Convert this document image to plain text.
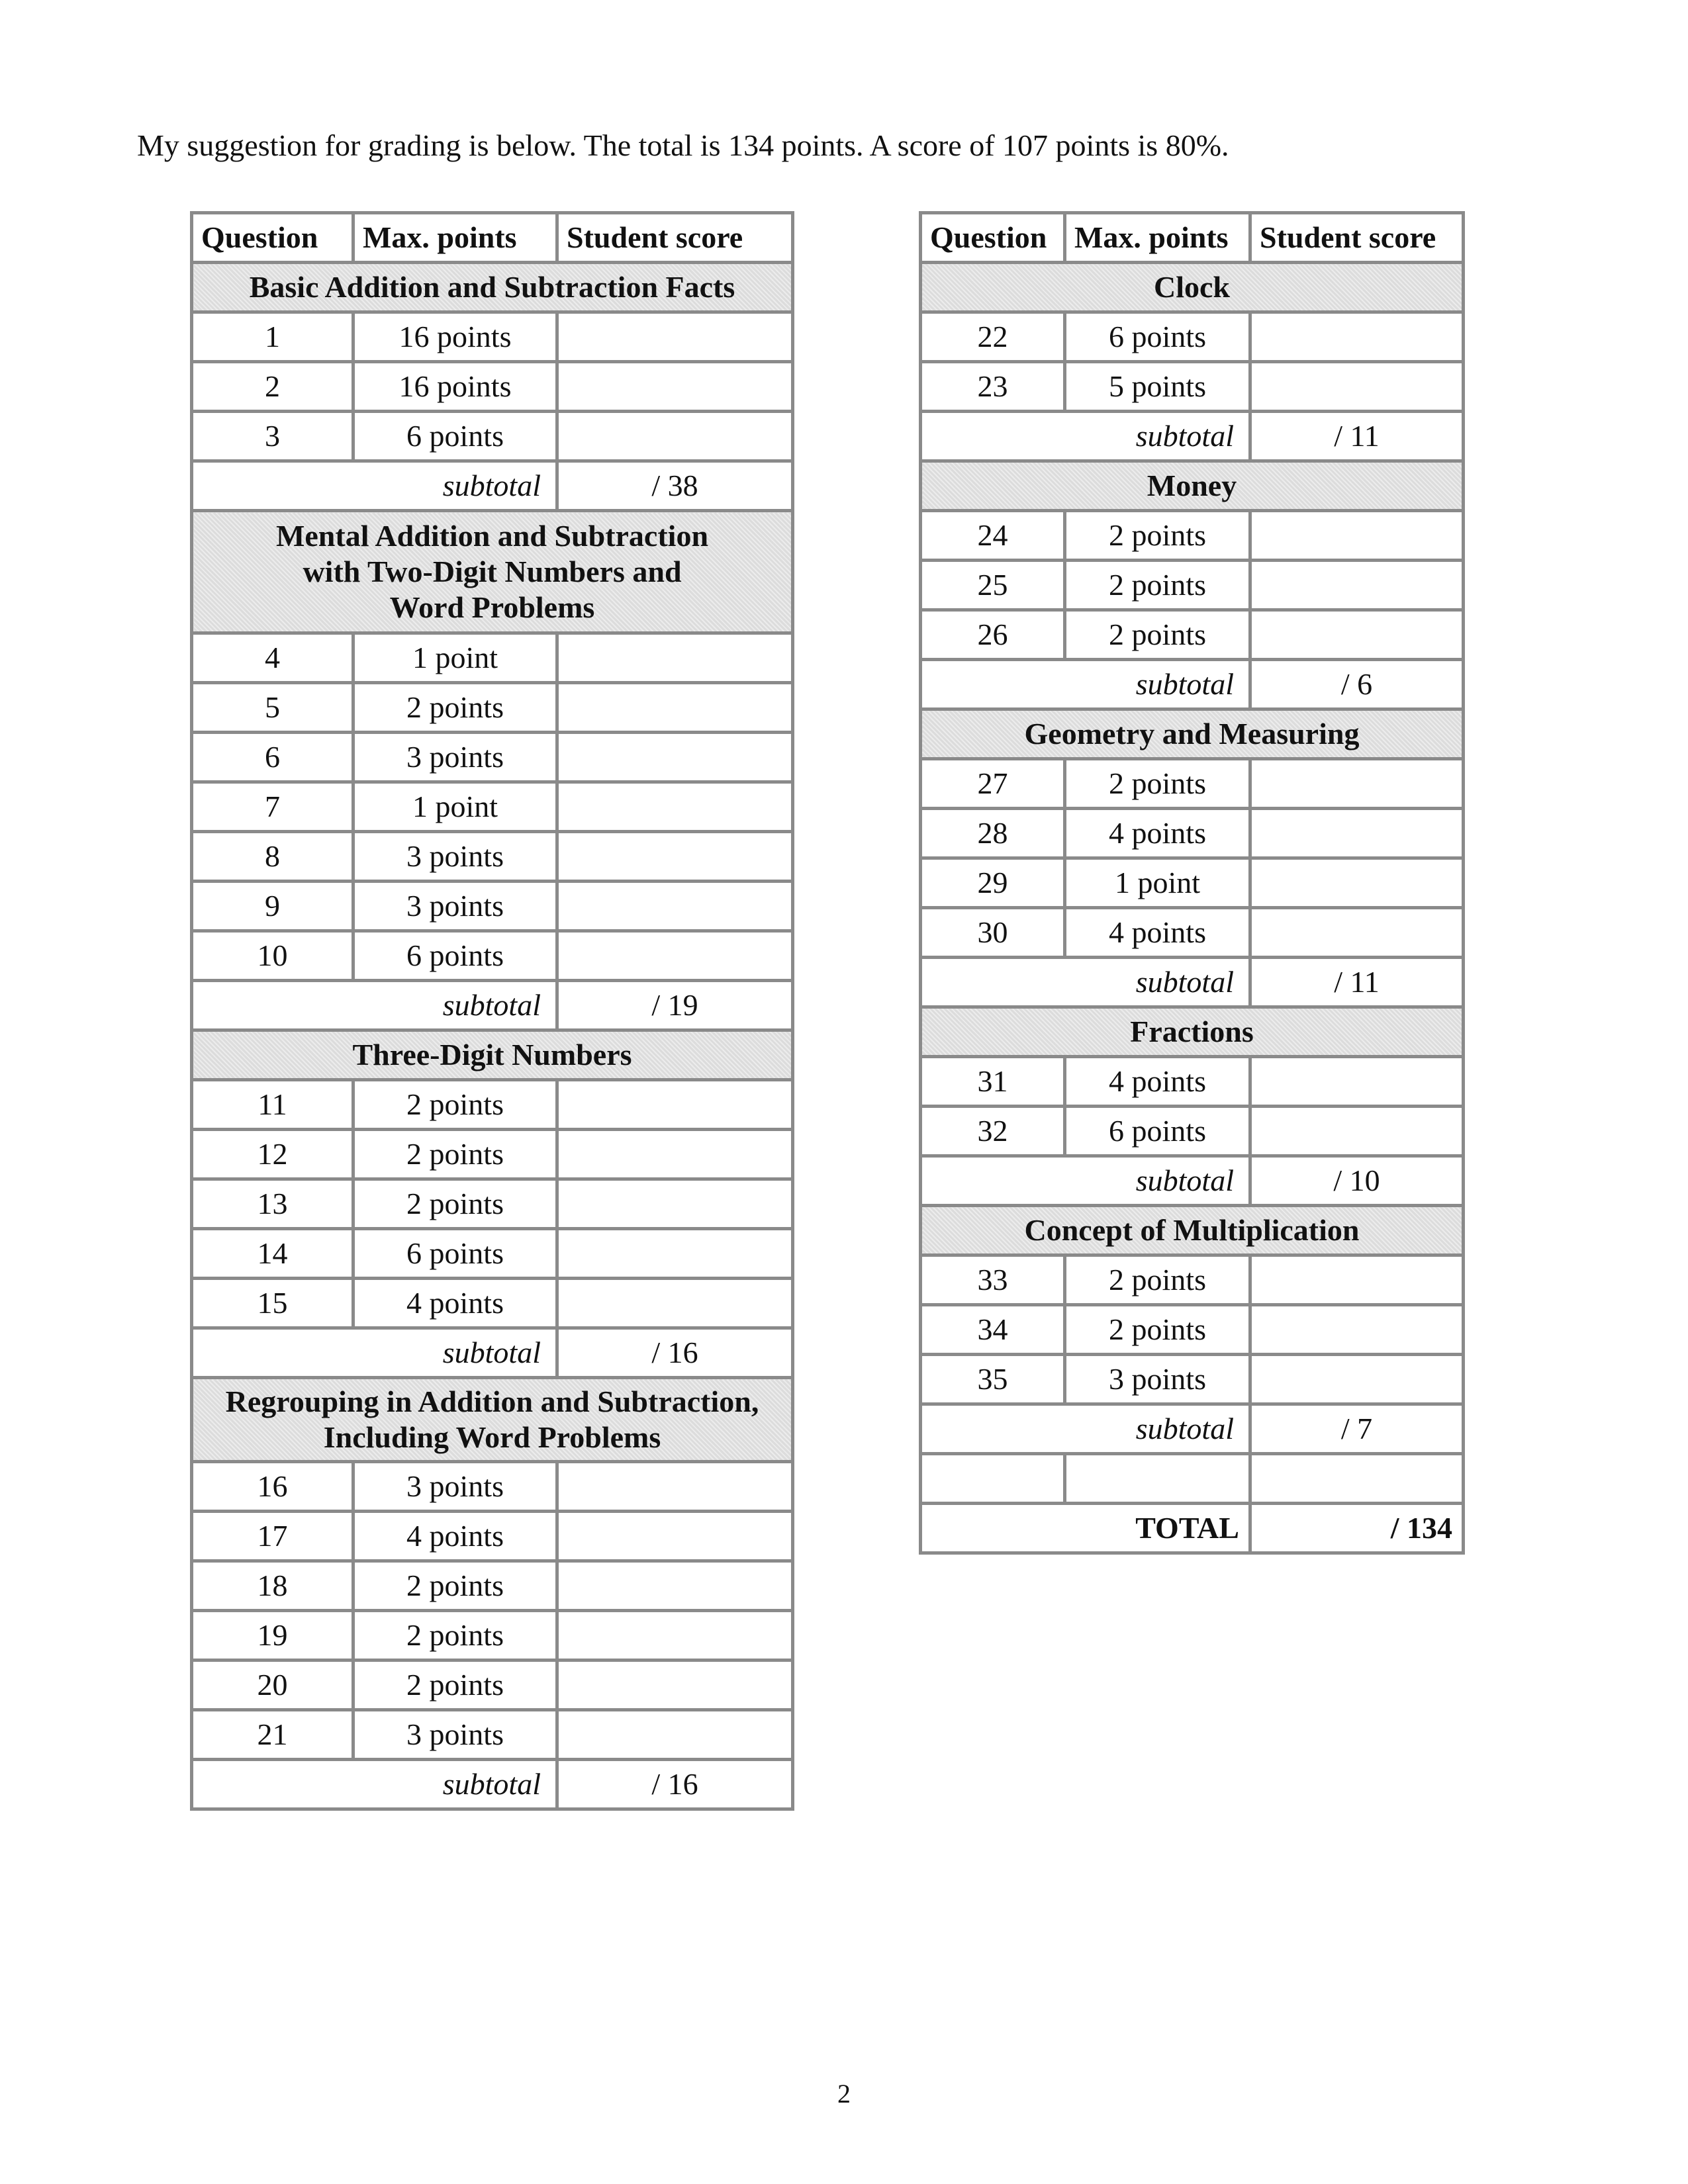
My suggestion for grading is below. The total is 134 points. A score of 107 points is 80%.
Question	Max. points	Student score
Basic Addition and Subtraction Facts		
1	16 points	
2	16 points	
3	6 points	
subtotal		/ 38
Mental Addition and Subtraction
with Two-Digit Numbers and
Word Problems		
4	1 point	
5	2 points	
6	3 points	
7	1 point	
8	3 points	
9	3 points	
10	6 points	
subtotal		/ 19
Three-Digit Numbers		
11	2 points	
12	2 points	
13	2 points	
14	6 points	
15	4 points	
subtotal		/ 16
Regrouping in Addition and Subtraction,
Including Word Problems		
16	3 points	
17	4 points	
18	2 points	
19	2 points	
20	2 points	
21	3 points	
subtotal		/ 16
Question	Max. points	Student score
Clock		
22	6 points	
23	5 points	
subtotal		/ 11
Money		
24	2 points	
25	2 points	
26	2 points	
subtotal		/ 6
Geometry and Measuring		
27	2 points	
28	4 points	
29	1 point	
30	4 points	
subtotal		/ 11
Fractions		
31	4 points	
32	6 points	
subtotal		/ 10
Concept of Multiplication		
33	2 points	
34	2 points	
35	3 points	
subtotal		/ 7

TOTAL		/ 134
2
